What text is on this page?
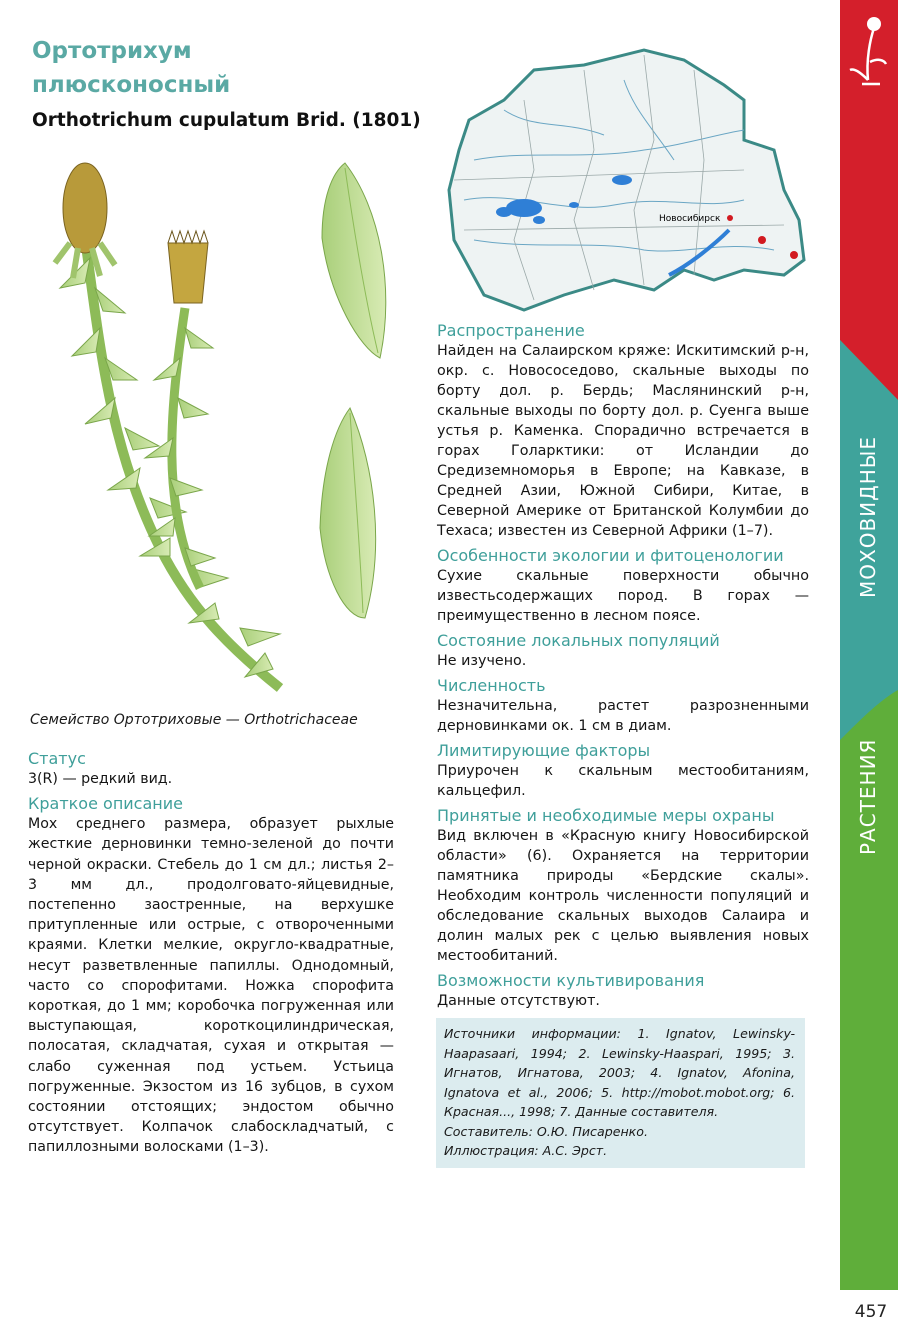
Ортотрихум
плюсконосный

Orthotrichum cupulatum Brid. (1801)

Семейство Ортотриховые — Orthotrichaceae
Статус

3(R) — редкий вид.

Краткое описание

Мох среднего размера, образует рыхлые жесткие дерновинки темно-зеленой до почти черной окраски. Стебель до 1 см дл.; листья 2–3 мм дл., продолговато-яйцевидные, постепенно заостренные, на верхушке притупленные или острые, с отвороченными краями. Клетки мелкие, округло-квадратные, несут разветвленные папиллы. Однодомный, часто со спорофитами. Ножка спорофита короткая, до 1 мм; коробочка погруженная или выступающая, короткоцилиндрическая, полосатая, складчатая, сухая и открытая — слабо суженная под устьем. Устьица погруженные. Экзостом из 16 зубцов, в сухом состоянии отстоящих; эндостом обычно отсутствует. Колпачок слабоскладчатый, с папиллозными волосками (1–3).

Новосибирск
Распространение

Найден на Салаирском кряже: Искитимский р-н, окр. с. Новососедово, скальные выходы по борту дол. р. Бердь; Маслянинский р-н, скальные выходы по борту дол. р. Суенга выше устья р. Каменка. Спорадично встречается в горах Голарктики: от Исландии до Средиземноморья в Европе; на Кавказе, в Средней Азии, Южной Сибири, Китае, в Северной Америке от Британской Колумбии до Техаса; известен из Северной Африки (1–7).

Особенности экологии и фитоценологии

Сухие скальные поверхности обычно известьсодержащих пород. В горах — преимущественно в лесном поясе.

Состояние локальных популяций

Не изучено.

Численность

Незначительна, растет разрозненными дерновинками ок. 1 см в диам.

Лимитирующие факторы

Приурочен к скальным местообитаниям, кальцефил.

Принятые и необходимые меры охраны

Вид включен в «Красную книгу Новосибирской области» (6). Охраняется на территории памятника природы «Бердские скалы». Необходим контроль численности популяций и обследование скальных выходов Салаира и долин малых рек с целью выявления новых местообитаний.

Возможности культивирования

Данные отсутствуют.

Источники информации: 1. Ignatov, Lewinsky-Haapasaari, 1994; 2. Lewinsky-Haaspari, 1995; 3. Игнатов, Игнатова, 2003; 4. Ignatov, Afonina, Ignatova et al., 2006; 5. http://mobot.mobot.org; 6. Красная..., 1998; 7. Данные составителя.

Составитель: О.Ю. Писаренко.

Иллюстрация: А.С. Эрст.

МОХОВИДНЫЕ
РАСТЕНИЯ
457
